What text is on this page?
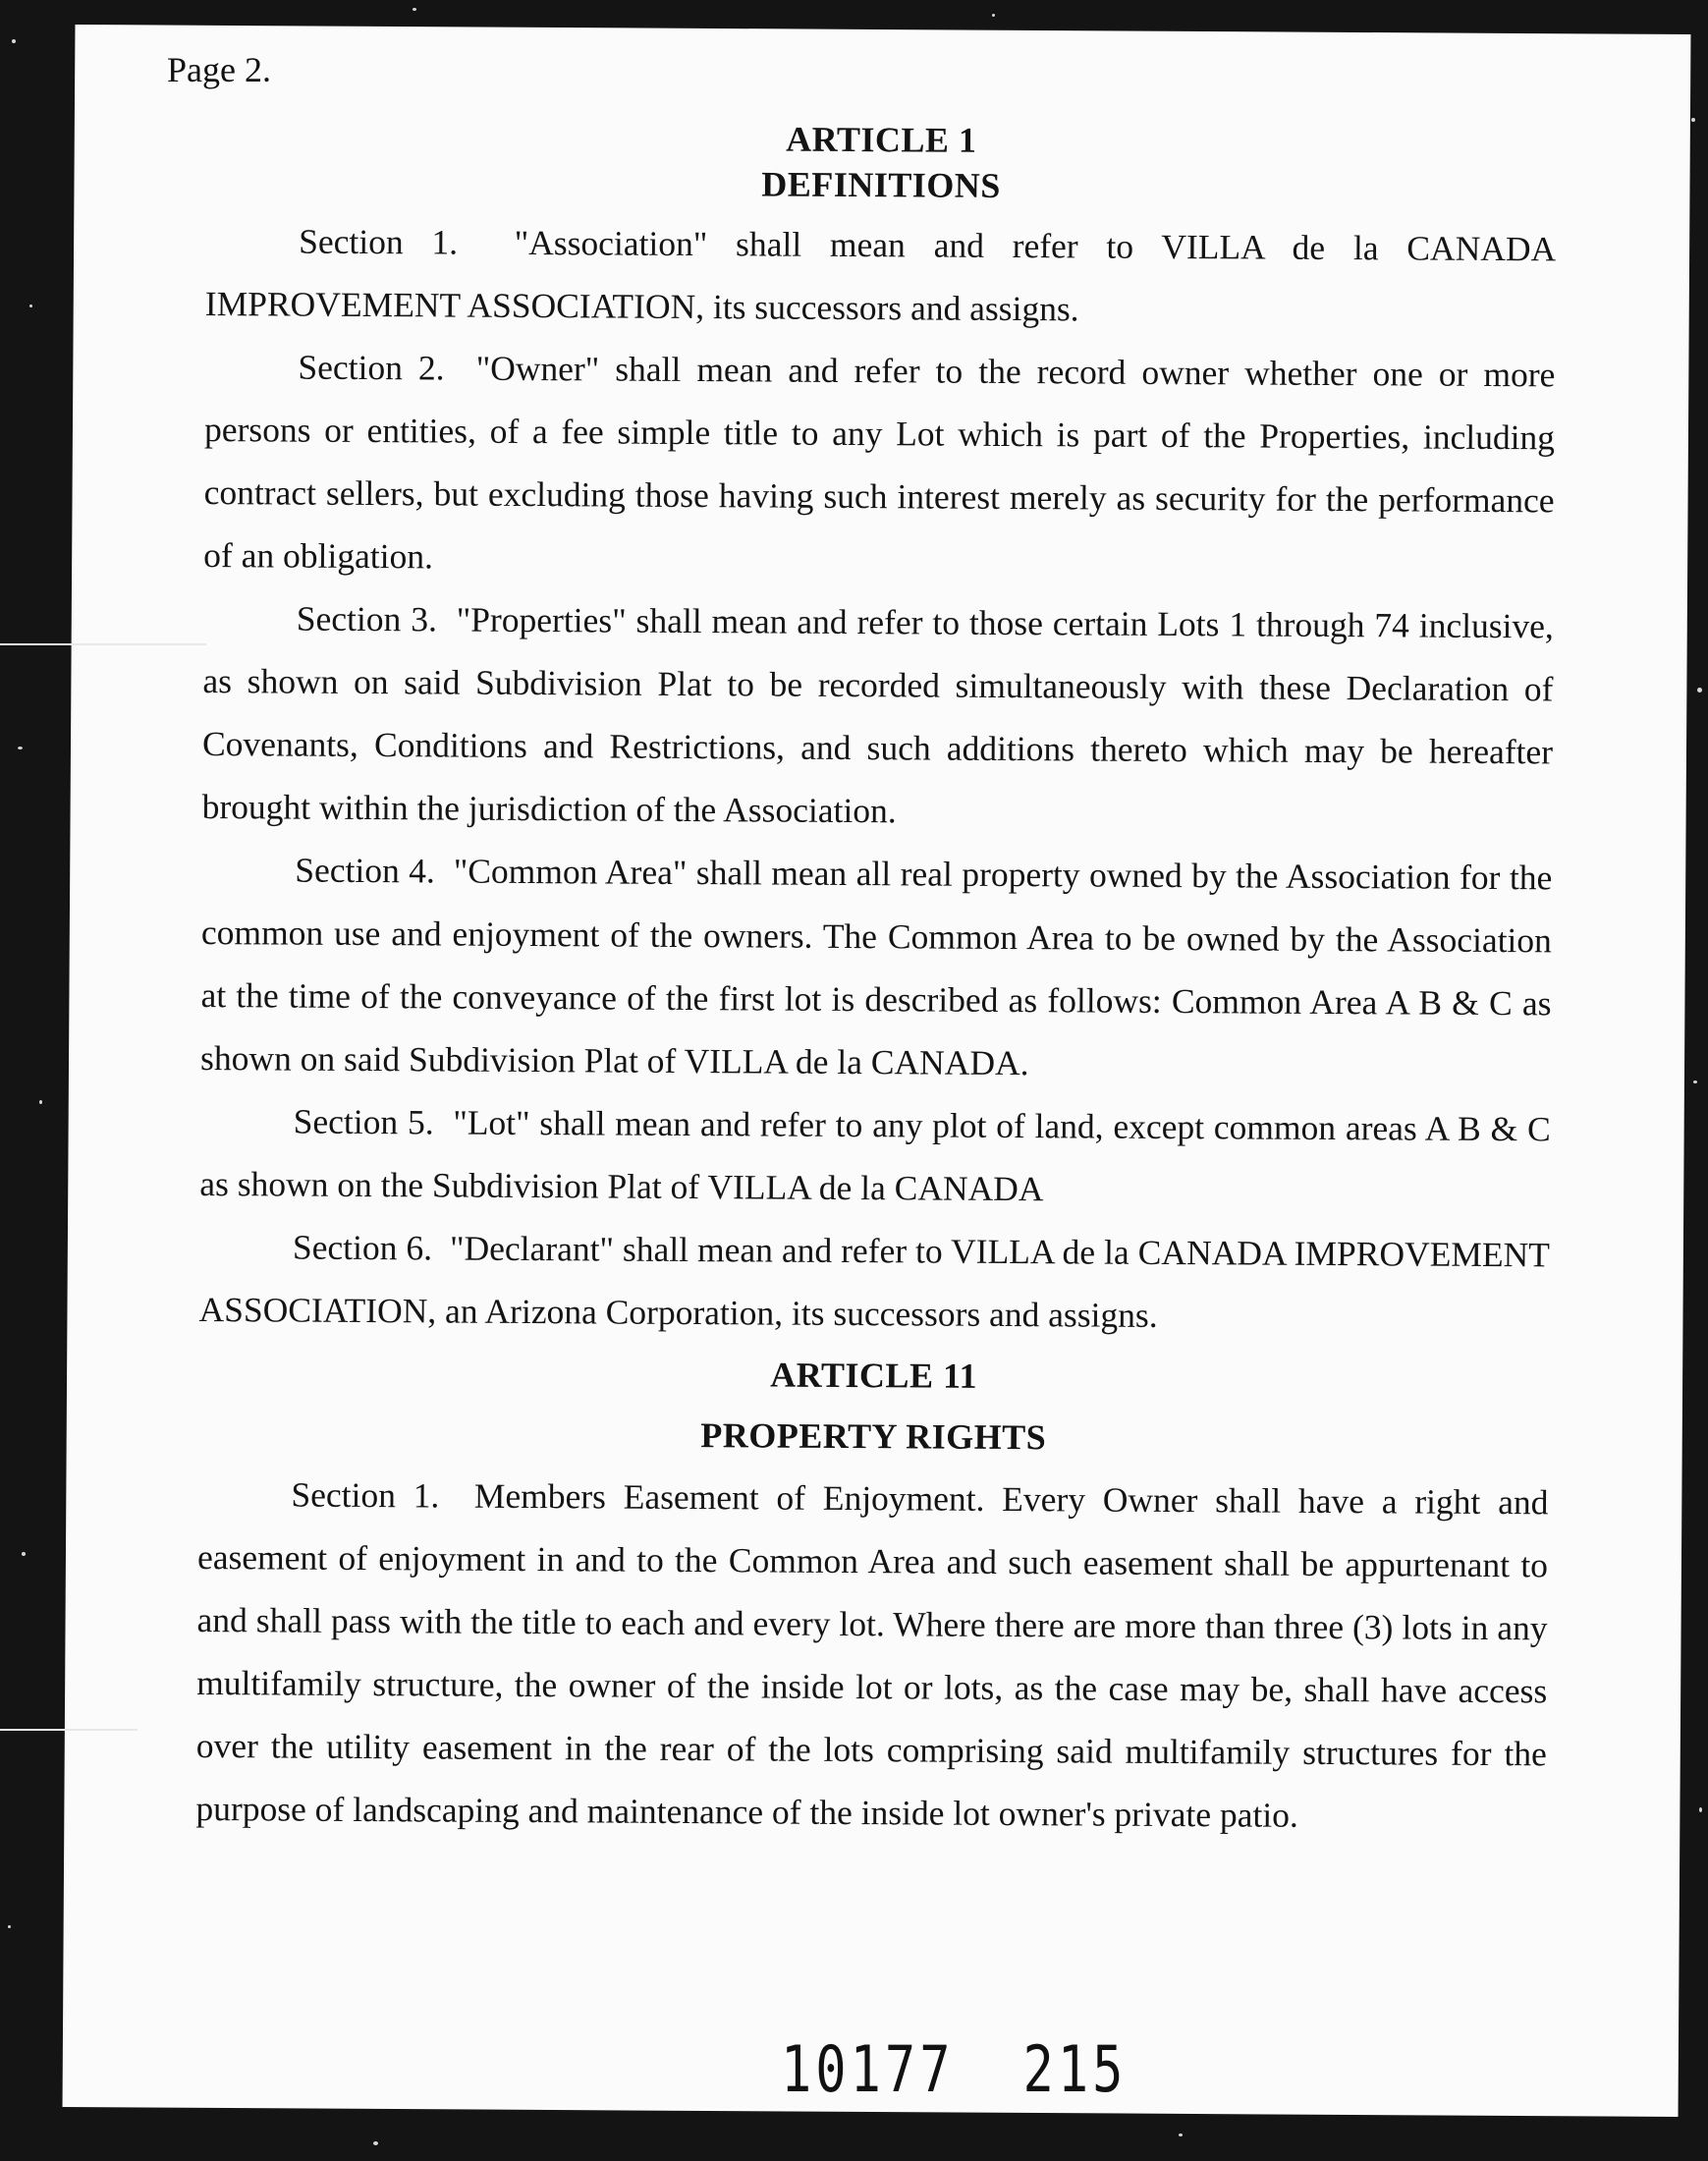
Page 2.
ARTICLE 1
DEFINITIONS

Section 1. "Association" shall mean and refer to VILLA de la CANADA IMPROVEMENT ASSOCIATION, its successors and assigns.

Section 2. "Owner" shall mean and refer to the record owner whether one or more persons or entities, of a fee simple title to any Lot which is part of the Properties, including contract sellers, but excluding those having such interest merely as security for the performance of an obligation.

Section 3. "Properties" shall mean and refer to those certain Lots 1 through 74 inclusive, as shown on said Subdivision Plat to be recorded simultaneously with these Declaration of Covenants, Conditions and Restrictions, and such additions thereto which may be hereafter brought within the jurisdiction of the Association.

Section 4. "Common Area" shall mean all real property owned by the Association for the common use and enjoyment of the owners. The Common Area to be owned by the Association at the time of the conveyance of the first lot is described as follows: Common Area A B & C as shown on said Subdivision Plat of VILLA de la CANADA.

Section 5. "Lot" shall mean and refer to any plot of land, except common areas A B & C as shown on the Subdivision Plat of VILLA de la CANADA

Section 6. "Declarant" shall mean and refer to VILLA de la CANADA IMPROVEMENT ASSOCIATION, an Arizona Corporation, its successors and assigns.

ARTICLE 11
PROPERTY RIGHTS

Section 1. Members Easement of Enjoyment. Every Owner shall have a right and easement of enjoyment in and to the Common Area and such easement shall be appurtenant to and shall pass with the title to each and every lot. Where there are more than three (3) lots in any multifamily structure, the owner of the inside lot or lots, as the case may be, shall have access over the utility easement in the rear of the lots comprising said multifamily structures for the purpose of landscaping and maintenance of the inside lot owner's private patio.

10177 215
